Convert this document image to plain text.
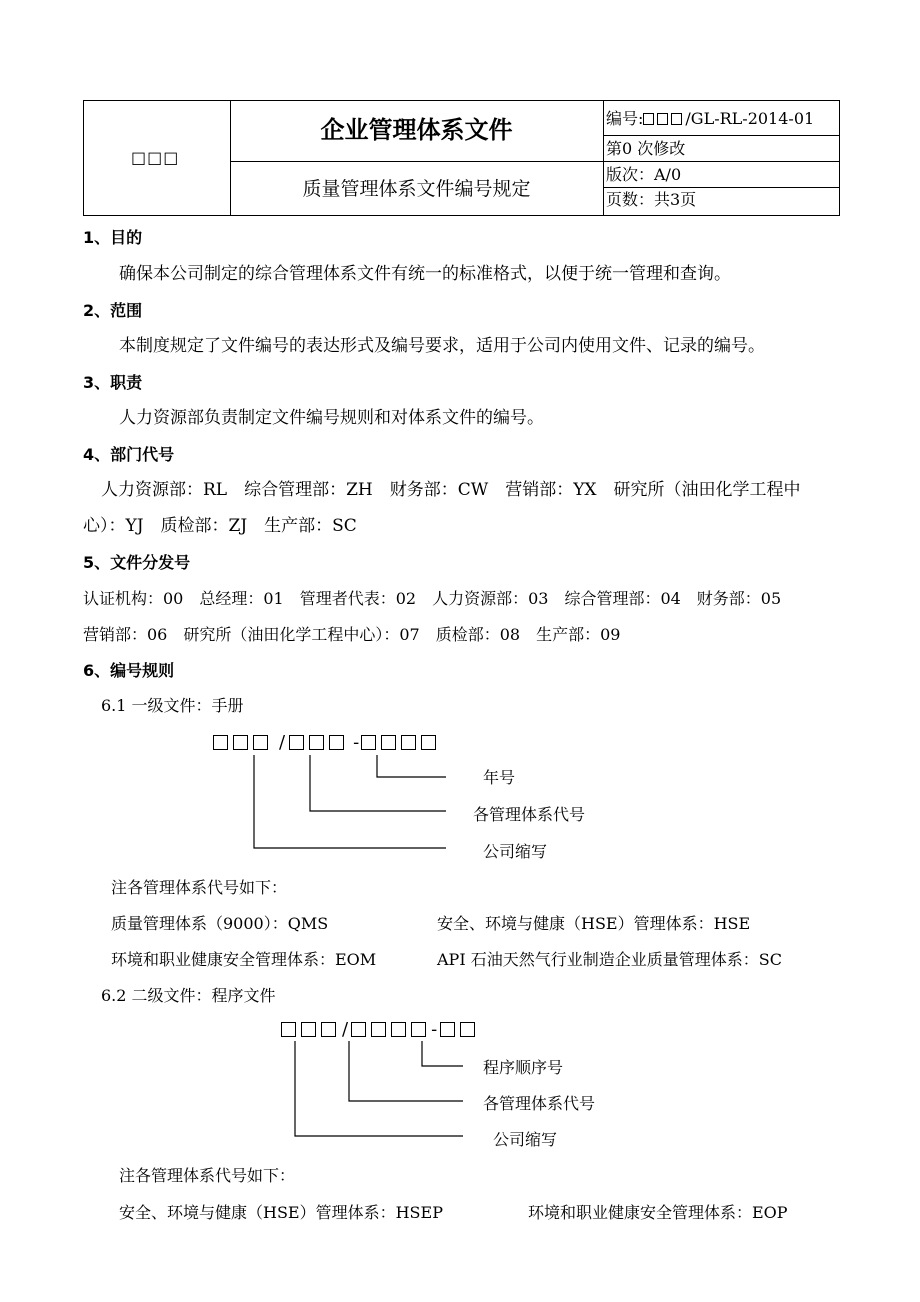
□□□
企业管理体系文件
质量管理体系文件编号规定
编号:	/GL-RL-2014-01
第0 次修改
版次：A/0
页数：共3页
1、目的
确保本公司制定的综合管理体系文件有统一的标准格式，以便于统一管理和查询。
2、范围
本制度规定了文件编号的表达形式及编号要求，适用于公司内使用文件、记录的编号。
3、职责
人力资源部负责制定文件编号规则和对体系文件的编号。
4、部门代号
人力资源部：RL　综合管理部：ZH　财务部：CW　营销部：YX　研究所（油田化学工程中
心）：YJ　质检部：ZJ　生产部：SC
5、文件分发号
认证机构：00　总经理：01　管理者代表：02　人力资源部：03　综合管理部：04　财务部：05
营销部：06　研究所（油田化学工程中心）：07　质检部：08　生产部：09
6、编号规则
6.1 一级文件：手册
/	-
年号
各管理体系代号
公司缩写
注各管理体系代号如下：
质量管理体系（9000）：QMS	安全、环境与健康（HSE）管理体系：HSE
环境和职业健康安全管理体系：EOM	API 石油天然气行业制造企业质量管理体系：SC
6.2 二级文件：程序文件
/	-
程序顺序号
各管理体系代号
公司缩写
注各管理体系代号如下：
安全、环境与健康（HSE）管理体系：HSEP	环境和职业健康安全管理体系：EOP
